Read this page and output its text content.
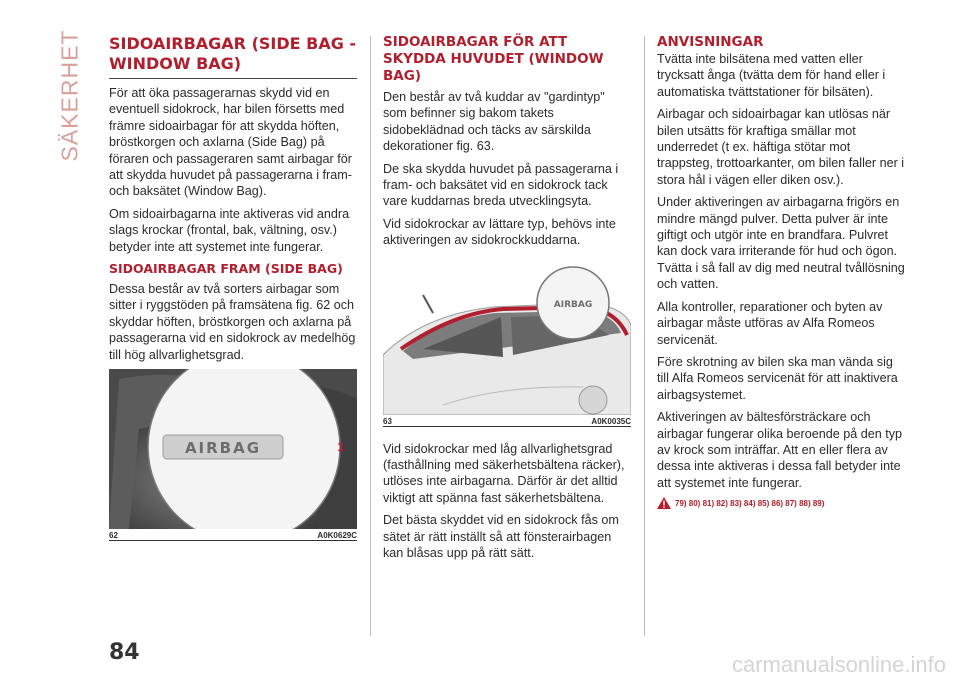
SÄKERHET SIDOAIRBAGAR (SIDE BAG - WINDOW BAG)

För att öka passagerarnas skydd vid en eventuell sidokrock, har bilen försetts med främre sidoairbagar för att skydda höften, bröstkorgen och axlarna (Side Bag) på föraren och passageraren samt airbagar för att skydda huvudet på passagerarna i fram- och baksätet (Window Bag).

Om sidoairbagarna inte aktiveras vid andra slags krockar (frontal, bak, vältning, osv.) betyder inte att systemet inte fungerar.

SIDOAIRBAGAR FRAM (SIDE BAG)

Dessa består av två sorters airbagar som sitter i ryggstöden på framsätena fig. 62 och skyddar höften, bröstkorgen och axlarna på passagerarna vid en sidokrock av medelhög till hög allvarlighetsgrad.

AIRBAG	1
62	A0K0629C
SIDOAIRBAGAR FÖR ATT SKYDDA HUVUDET (WINDOW BAG)

Den består av två kuddar av "gardintyp" som befinner sig bakom takets sidobeklädnad och täcks av särskilda dekorationer fig. 63.

De ska skydda huvudet på passagerarna i fram- och baksätet vid en sidokrock tack vare kuddarnas breda utvecklingsyta.

Vid sidokrockar av lättare typ, behövs inte aktiveringen av sidokrockkuddarna.

AIRBAG
63	A0K0035C

Vid sidokrockar med låg allvarlighetsgrad (fasthållning med säkerhetsbältena räcker), utlöses inte airbagarna. Därför är det alltid viktigt att spänna fast säkerhetsbältena.

Det bästa skyddet vid en sidokrock fås om sätet är rätt inställt så att fönsterairbagen kan blåsas upp på rätt sätt.

ANVISNINGAR

Tvätta inte bilsätena med vatten eller trycksatt ånga (tvätta dem för hand eller i automatiska tvättstationer för bilsäten).

Airbagar och sidoairbagar kan utlösas när bilen utsätts för kraftiga smällar mot underredet (t ex. häftiga stötar mot trappsteg, trottoarkanter, om bilen faller ner i stora hål i vägen eller diken osv.).

Under aktiveringen av airbagarna frigörs en mindre mängd pulver. Detta pulver är inte giftigt och utgör inte en brandfara. Pulvret kan dock vara irriterande för hud och ögon. Tvätta i så fall av dig med neutral tvållösning och vatten.

Alla kontroller, reparationer och byten av airbagar måste utföras av Alfa Romeos servicenät.

Före skrotning av bilen ska man vända sig till Alfa Romeos servicenät för att inaktivera airbagsystemet.

Aktiveringen av bältesförsträckare och airbagar fungerar olika beroende på den typ av krock som inträffar. Att en eller flera av dessa inte aktiveras i dessa fall betyder inte att systemet inte fungerar.

79) 80) 81) 82) 83) 84) 85) 86) 87) 88) 89)
84	carmanualsonline.info
